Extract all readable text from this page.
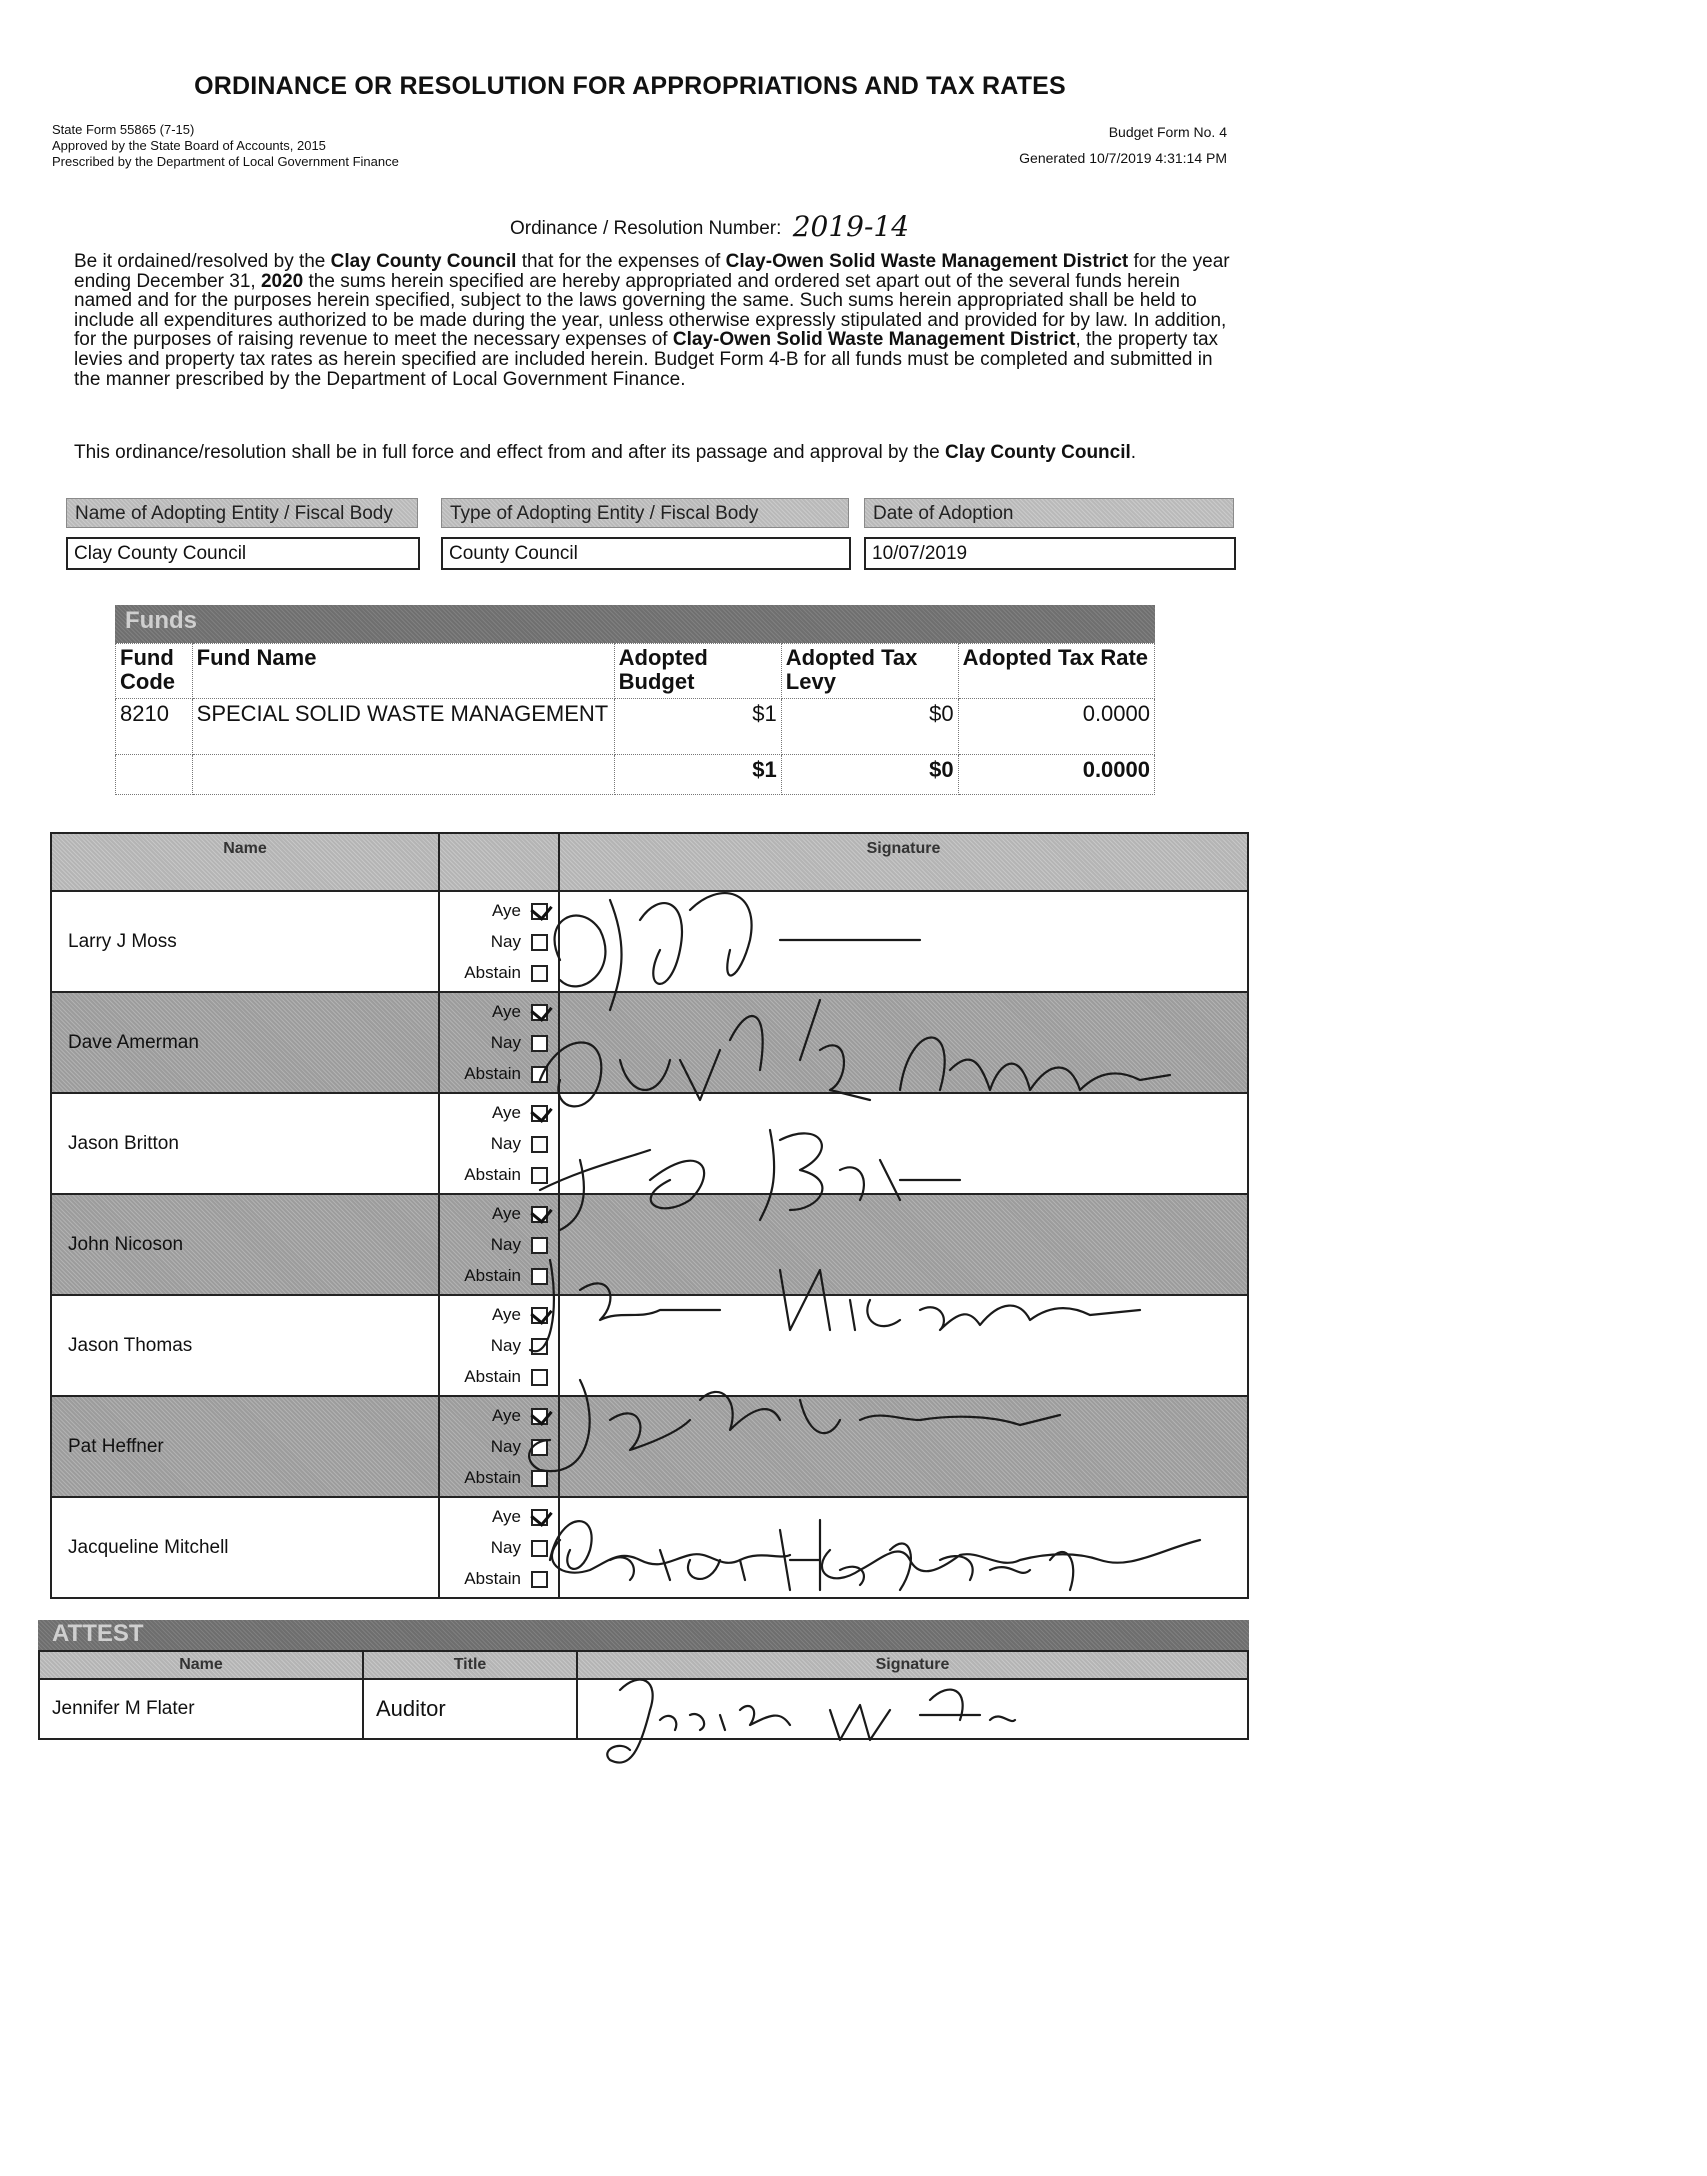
ORDINANCE OR RESOLUTION FOR APPROPRIATIONS AND TAX RATES
State Form 55865 (7-15)
Approved by the State Board of Accounts, 2015
Prescribed by the Department of Local Government Finance
Budget Form No. 4
Generated 10/7/2019 4:31:14 PM
Ordinance / Resolution Number: 2019-14
Be it ordained/resolved by the Clay County Council that for the expenses of Clay-Owen Solid Waste Management District for the year ending December 31, 2020 the sums herein specified are hereby appropriated and ordered set apart out of the several funds herein named and for the purposes herein specified, subject to the laws governing the same. Such sums herein appropriated shall be held to include all expenditures authorized to be made during the year, unless otherwise expressly stipulated and provided for by law. In addition, for the purposes of raising revenue to meet the necessary expenses of Clay-Owen Solid Waste Management District, the property tax levies and property tax rates as herein specified are included herein. Budget Form 4-B for all funds must be completed and submitted in the manner prescribed by the Department of Local Government Finance.
This ordinance/resolution shall be in full force and effect from and after its passage and approval by the Clay County Council.
Name of Adopting Entity / Fiscal Body	Type of Adopting Entity / Fiscal Body	Date of Adoption
Clay County Council	County Council	10/07/2019
Funds
Fund Code	Fund Name	Adopted Budget	Adopted Tax Levy	Adopted Tax Rate
8210	SPECIAL SOLID WASTE MANAGEMENT	$1	$0	0.0000
		$1	$0	0.0000
Name		Signature
Larry J Moss	Aye
Nay
Abstain	

Dave Amerman	Aye
Nay
Abstain	

Jason Britton	Aye
Nay
Abstain	

John Nicoson	Aye
Nay
Abstain	

Jason Thomas	Aye
Nay
Abstain	

Pat Heffner	Aye
Nay
Abstain	

Jacqueline Mitchell	Aye
Nay
Abstain	

ATTEST
Name	Title	Signature
Jennifer M Flater	Auditor	
